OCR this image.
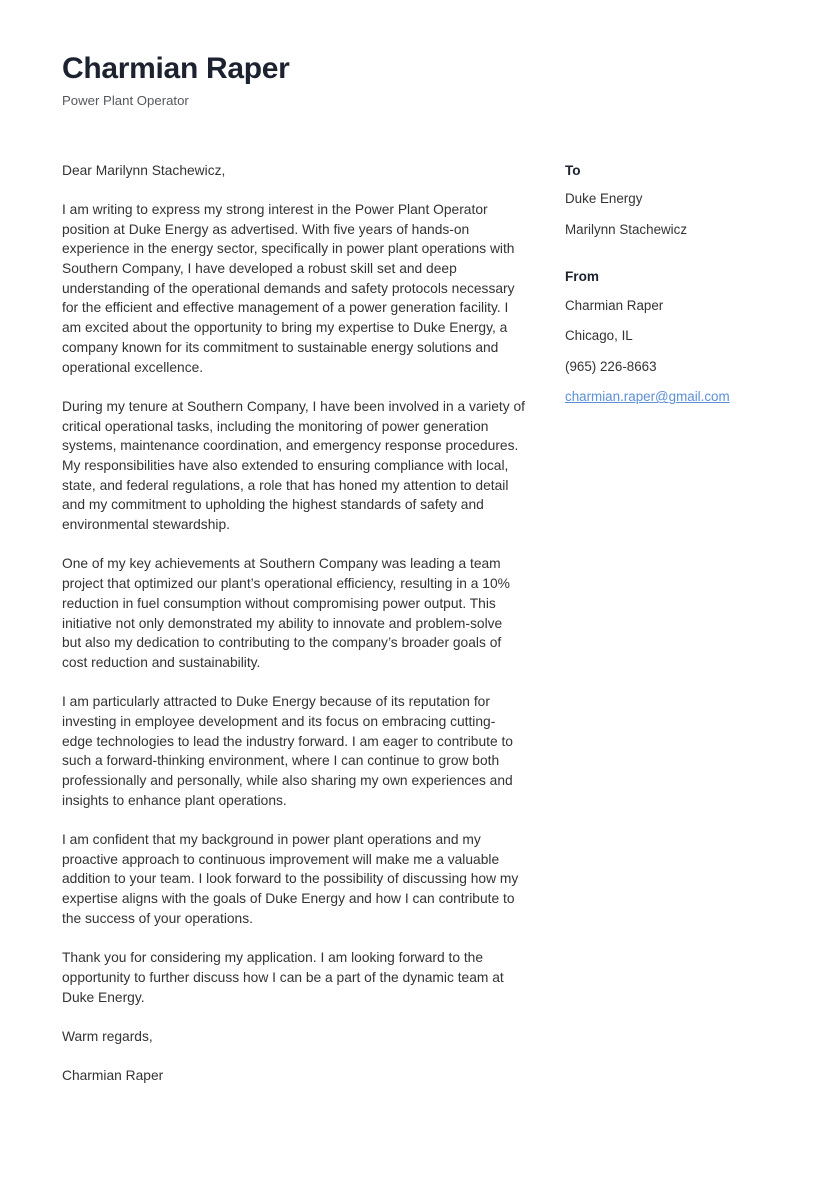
Charmian Raper
Power Plant Operator

Dear Marilynn Stachewicz,

I am writing to express my strong interest in the Power Plant Operator position at Duke Energy as advertised. With five years of hands-on experience in the energy sector, specifically in power plant operations with Southern Company, I have developed a robust skill set and deep understanding of the operational demands and safety protocols necessary for the efficient and effective management of a power generation facility. I am excited about the opportunity to bring my expertise to Duke Energy, a company known for its commitment to sustainable energy solutions and operational excellence.

During my tenure at Southern Company, I have been involved in a variety of critical operational tasks, including the monitoring of power generation systems, maintenance coordination, and emergency response procedures. My responsibilities have also extended to ensuring compliance with local, state, and federal regulations, a role that has honed my attention to detail and my commitment to upholding the highest standards of safety and environmental stewardship.

One of my key achievements at Southern Company was leading a team project that optimized our plant’s operational efficiency, resulting in a 10% reduction in fuel consumption without compromising power output. This initiative not only demonstrated my ability to innovate and problem-solve but also my dedication to contributing to the company’s broader goals of cost reduction and sustainability.

I am particularly attracted to Duke Energy because of its reputation for investing in employee development and its focus on embracing cutting-edge technologies to lead the industry forward. I am eager to contribute to such a forward-thinking environment, where I can continue to grow both professionally and personally, while also sharing my own experiences and insights to enhance plant operations.

I am confident that my background in power plant operations and my proactive approach to continuous improvement will make me a valuable addition to your team. I look forward to the possibility of discussing how my expertise aligns with the goals of Duke Energy and how I can contribute to the success of your operations.

Thank you for considering my application. I am looking forward to the opportunity to further discuss how I can be a part of the dynamic team at Duke Energy.

Warm regards,

Charmian Raper

To
Duke Energy
Marilynn Stachewicz
From
Charmian Raper
Chicago, IL
(965) 226-8663
charmian.raper@gmail.com
